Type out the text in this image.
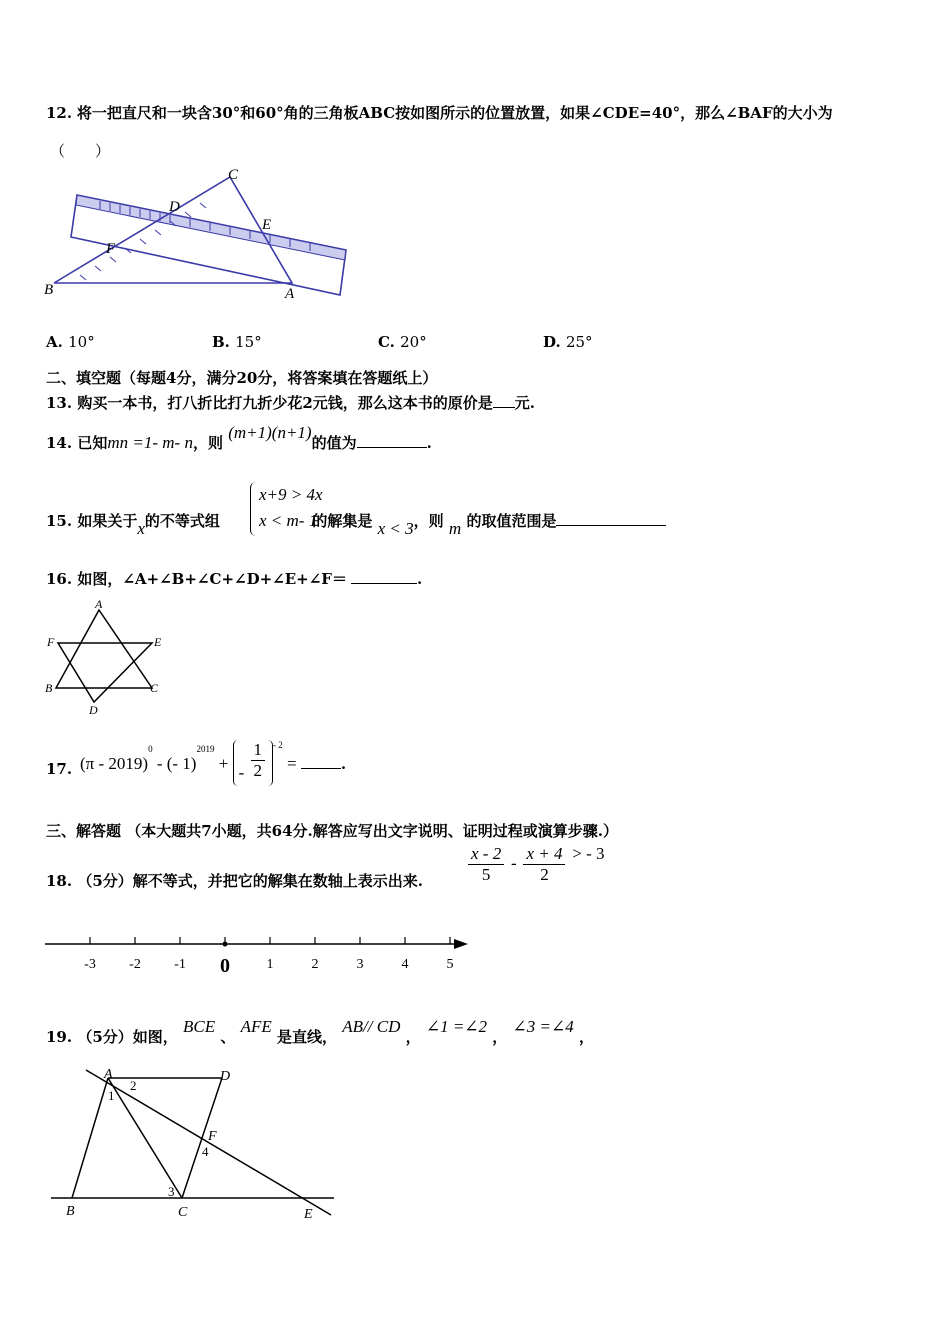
12. 将一把直尺和一块含30°和60°角的三角板ABC按如图所示的位置放置，如果∠CDE=40°，那么∠BAF的大小为
（　　）
C
D
E
F
B	A
A. 10°	B. 15°	C. 20°	D. 25°
二、填空题（每题4分，满分20分，将答案填在答题纸上）
13. 购买一本书，打八折比打九折少花2元钱，那么这本书的原价是 元.
14. 已知mn =1- m- n，则 (m+1)(n+1)的值为	.
15. 如果关于x的不等式组	的解集是 x < 3，则 m 的取值范围是
x+9 > 4x
x < m- 1
16. 如图，∠A+∠B+∠C+∠D+∠E+∠F＝	.
A
F	E
B	C
D
17. (π - 2019)$^0$ - (- 1)$^{2019}$ + - $\frac{1}{2} ^{- 2}$ =	.
三、解答题 （本大题共7小题，共64分.解答应写出文字说明、证明过程或演算步骤.）
18. （5分）解不等式，并把它的解集在数轴上表示出来.	$\frac{x - 2}{5} - \frac{x + 4}{2}$ > - 3
-3 -2 -1 0	1	2	3	4	5
19. （5分）如图， BCE 、 AFE 是直线， AB// CD ， ∠1 =∠2 ， ∠3 =∠4 ，
A	D
F
B	C	E
1
2
3
4
